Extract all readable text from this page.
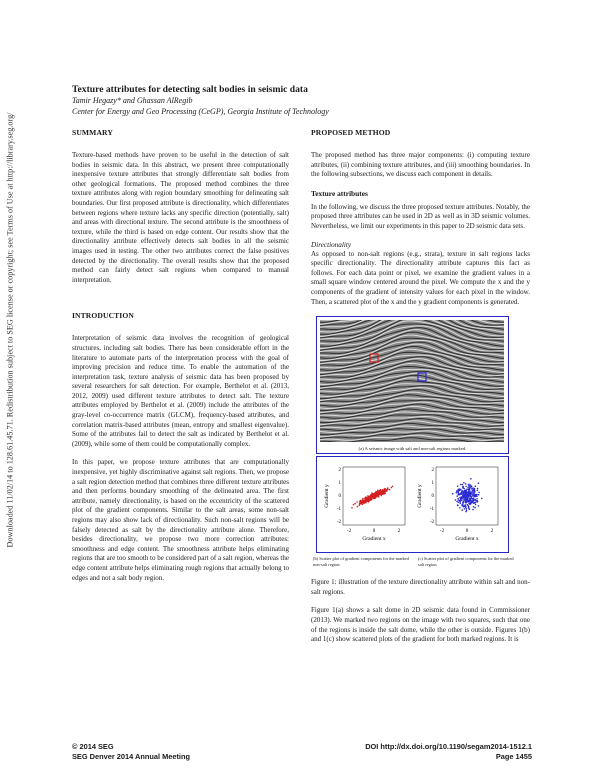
Downloaded 11/02/14 to 128.61.45.71. Redistribution subject to SEG license or copyright; see Terms of Use at http://library.seg.org/
Texture attributes for detecting salt bodies in seismic data
Tamir Hegazy* and Ghassan AlRegib
Center for Energy and Geo Processing (CeGP), Georgia Institute of Technology
SUMMARY

Texture-based methods have proven to be useful in the detection of salt bodies in seismic data. In this abstract, we present three computationally inexpensive texture attributes that strongly differentiate salt bodies from other geological formations. The proposed method combines the three texture attributes along with region boundary smoothing for delineating salt boundaries. Our first proposed attribute is directionality, which differentiates between regions where texture lacks any specific direction (potentially, salt) and areas with directional texture. The second attribute is the smoothness of texture, while the third is based on edge content. Our results show that the directionality attribute effectively detects salt bodies in all the seismic images used in testing. The other two attributes correct the false positives detected by the directionality. The overall results show that the proposed method can fairly detect salt regions when compared to manual interpretation.

INTRODUCTION

Interpretation of seismic data involves the recognition of geological structures, including salt bodies. There has been considerable effort in the literature to automate parts of the interpretation process with the goal of improving precision and reduce time. To enable the automation of the interpretation task, texture analysis of seismic data has been proposed by several researchers for salt detection. For example, Berthelot et al. (2013, 2012, 2009) used different texture attributes to detect salt. The texture attributes employed by Berthelot et al. (2009) include the attributes of the gray-level co-occurrence matrix (GLCM), frequency-based attributes, and correlation matrix-based attributes (mean, entropy and smallest eigenvalue). Some of the attributes fail to detect the salt as indicated by Berthelot et al. (2009), while some of them could be computationally complex.

In this paper, we propose texture attributes that are computationally inexpensive, yet highly discriminative against salt regions. Then, we propose a salt region detection method that combines three different texture attributes and then performs boundary smoothing of the delineated area. The first attribute, namely directionality, is based on the eccentricity of the scattered plot of the gradient components. Similar to the salt areas, some non-salt regions may also show lack of directionality. Such non-salt regions will be falsely detected as salt by the directionality attribute alone. Therefore, besides directionality, we propose two more correction attributes: smoothness and edge content. The smoothness attribute helps eliminating regions that are too smooth to be considered part of a salt region, whereas the edge content attribute helps eliminating rough regions that actually belong to edges and not a salt body region.

PROPOSED METHOD

The proposed method has three major components: (i) computing texture attributes, (ii) combining texture attributes, and (iii) smoothing boundaries. In the following subsections, we discuss each component in details.

Texture attributes

In the following, we discuss the three proposed texture attributes. Notably, the proposed three attributes can be used in 2D as well as in 3D seismic volumes. Nevertheless, we limit our experiments in this paper to 2D seismic data sets.

Directionality

As opposed to non-salt regions (e.g., strata), texture in salt regions lacks specific directionality. The directionality attribute captures this fact as follows. For each data point or pixel, we examine the gradient values in a small square window centered around the pixel. We compute the x and the y components of the gradient of intensity values for each pixel in the window. Then, a scattered plot of the x and the y gradient components is generated.

(a) A seismic image with salt and non-salt regions marked.
-2	0	2
2
1
0
-1
-2
Gradient x
Gradient y
-2	0	2
2
1
0
-1
-2
Gradient x
Gradient y
(b) Scatter plot of gradient components for the marked non-salt region.
(c) Scatter plot of gradient components for the marked salt region.

Figure 1: illustration of the texture directionality attribute within salt and non-salt regions.

Figure 1(a) shows a salt dome in 2D seismic data found in Commissioner (2013). We marked two regions on the image with two squares, such that one of the regions is inside the salt dome, while the other is outside. Figures 1(b) and 1(c) show scattered plots of the gradient for both marked regions. It is

© 2014 SEG
SEG Denver 2014 Annual Meeting
DOI http://dx.doi.org/10.1190/segam2014-1512.1
Page 1455
